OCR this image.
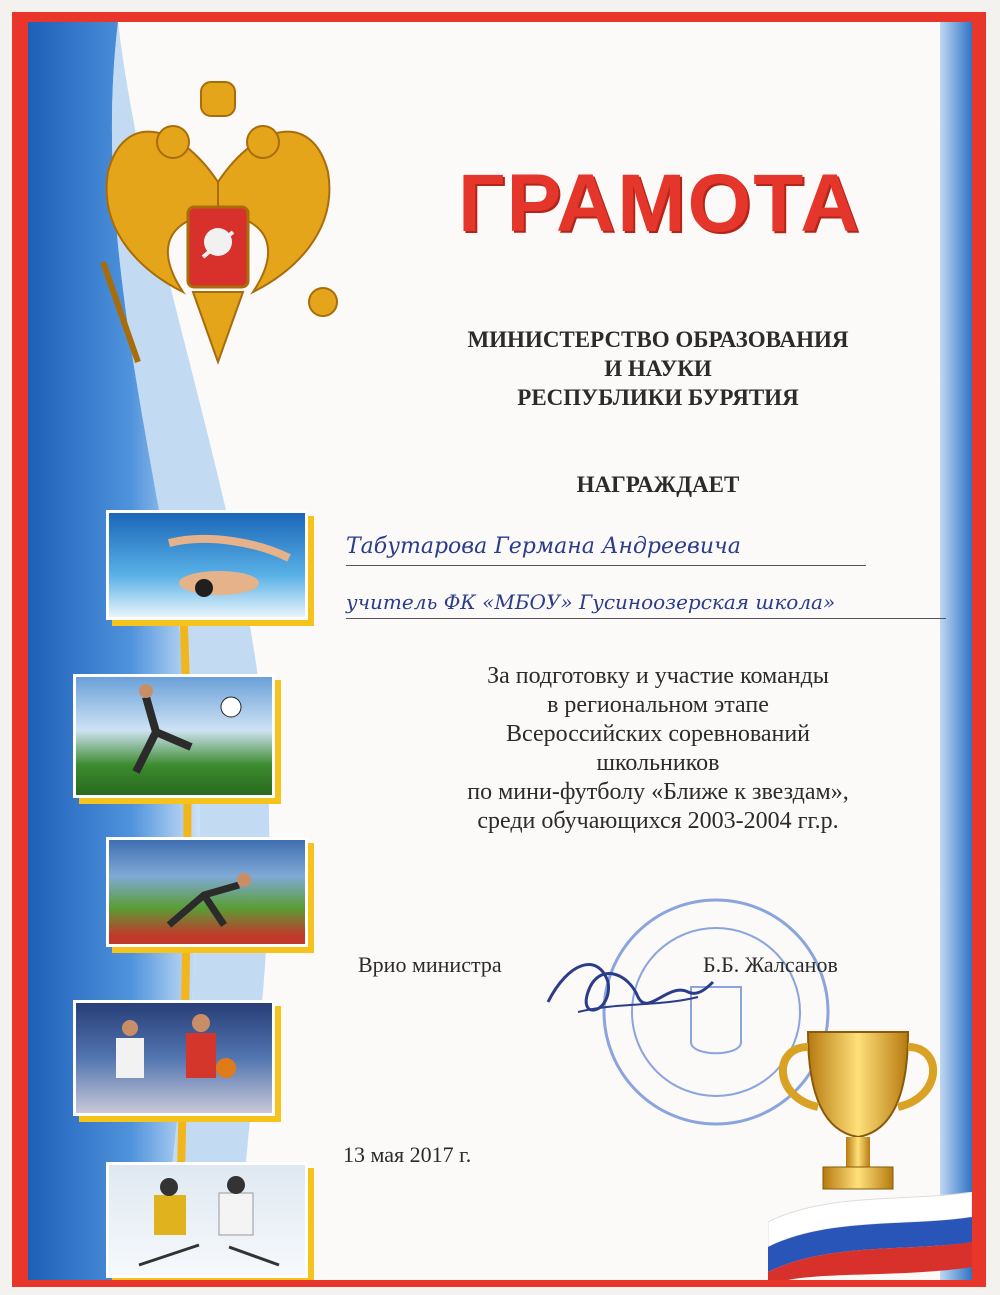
ГРАМОТА
МИНИСТЕРСТВО ОБРАЗОВАНИЯ
И НАУКИ
РЕСПУБЛИКИ БУРЯТИЯ
НАГРАЖДАЕТ
Табутарова Германа Андреевича
учитель ФК «МБОУ» Гусиноозерская школа»
За подготовку и участие команды
в региональном этапе
Всероссийских соревнований
школьников
по мини-футболу «Ближе к звездам»,
среди обучающихся 2003-2004 гг.р.
Врио министра	Б.Б. Жалсанов
13 мая 2017 г.
